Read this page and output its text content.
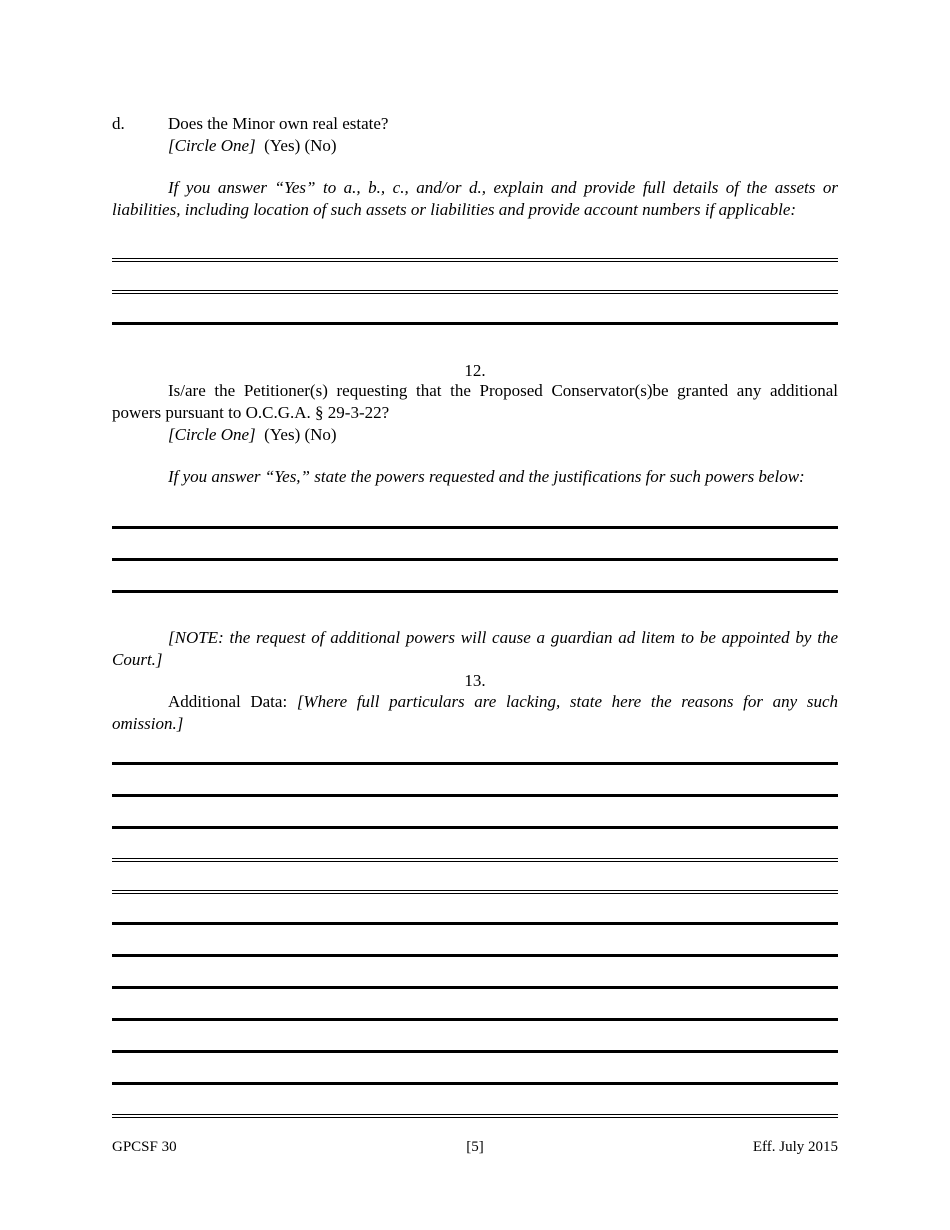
d.	Does the Minor own real estate?
[Circle One] (Yes) (No)
If you answer “Yes” to a., b., c., and/or d., explain and provide full details of the assets or liabilities, including location of such assets or liabilities and provide account numbers if applicable:
12.
Is/are the Petitioner(s) requesting that the Proposed Conservator(s)be granted any additional powers pursuant to O.C.G.A. § 29-3-22?
[Circle One] (Yes) (No)
If you answer “Yes,” state the powers requested and the justifications for such powers below:
[NOTE: the request of additional powers will cause a guardian ad litem to be appointed by the Court.]
13.
Additional Data: [Where full particulars are lacking, state here the reasons for any such omission.]
GPCSF 30	[5]	Eff. July 2015
